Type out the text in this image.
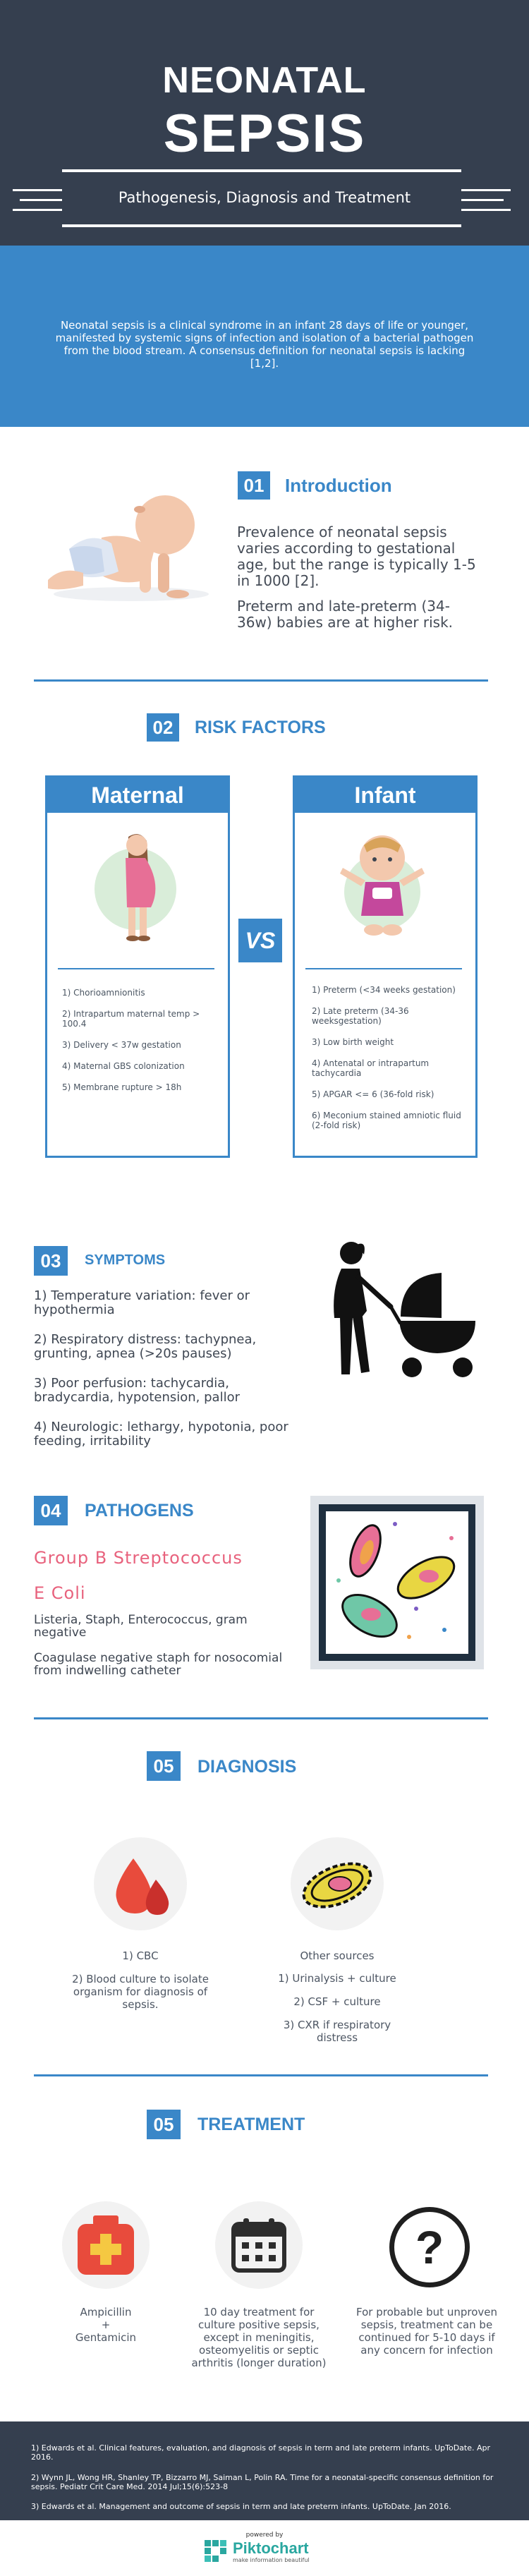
NEONATAL
SEPSIS
Pathogenesis, Diagnosis and Treatment
Neonatal sepsis is a clinical syndrome in an infant 28 days of life or younger, manifested by systemic signs of infection and isolation of a bacterial pathogen from the blood stream. A consensus definition for neonatal sepsis is lacking [1,2].
01	Introduction
Prevalence of neonatal sepsis varies according to gestational age, but the range is typically 1-5 in 1000 [2].
Preterm and late-preterm (34-36w) babies are at higher risk.
02	RISK FACTORS
Maternal
1) Chorioamnionitis
2) Intrapartum maternal temp > 100.4
3) Delivery < 37w gestation
4) Maternal GBS colonization
5) Membrane rupture > 18h
VS
Infant
1) Preterm (<34 weeks gestation)
2) Late preterm (34-36 weeksgestation)
3) Low birth weight
4) Antenatal or intrapartum tachycardia
5) APGAR <= 6 (36-fold risk)
6) Meconium stained amniotic fluid (2-fold risk)
03	SYMPTOMS
1) Temperature variation: fever or hypothermia
2) Respiratory distress: tachypnea, grunting, apnea (>20s pauses)
3) Poor perfusion: tachycardia, bradycardia, hypotension, pallor
4) Neurologic: lethargy, hypotonia, poor feeding, irritability
04	PATHOGENS
Group B Streptococcus
E Coli
Listeria, Staph, Enterococcus, gram negative
Coagulase negative staph for nosocomial from indwelling catheter
05	DIAGNOSIS
1) CBC
2) Blood culture to isolate organism for diagnosis of sepsis.
Other sources
1) Urinalysis + culture
2) CSF + culture
3) CXR if respiratory distress
05	TREATMENT
Ampicillin
+
Gentamicin
10 day treatment for culture positive sepsis, except in meningitis, osteomyelitis or septic arthritis (longer duration)
?
For probable but unproven sepsis, treatment can be continued for 5-10 days if any concern for infection
1) Edwards et al. Clinical features, evaluation, and diagnosis of sepsis in term and late preterm infants. UpToDate. Apr 2016.
2) Wynn JL, Wong HR, Shanley TP, Bizzarro MJ, Saiman L, Polin RA. Time for a neonatal-specific consensus definition for sepsis. Pediatr Crit Care Med. 2014 Jul;15(6):523-8
3) Edwards et al. Management and outcome of sepsis in term and late preterm infants. UpToDate. Jan 2016.
powered by
Piktochart
make information beautiful
